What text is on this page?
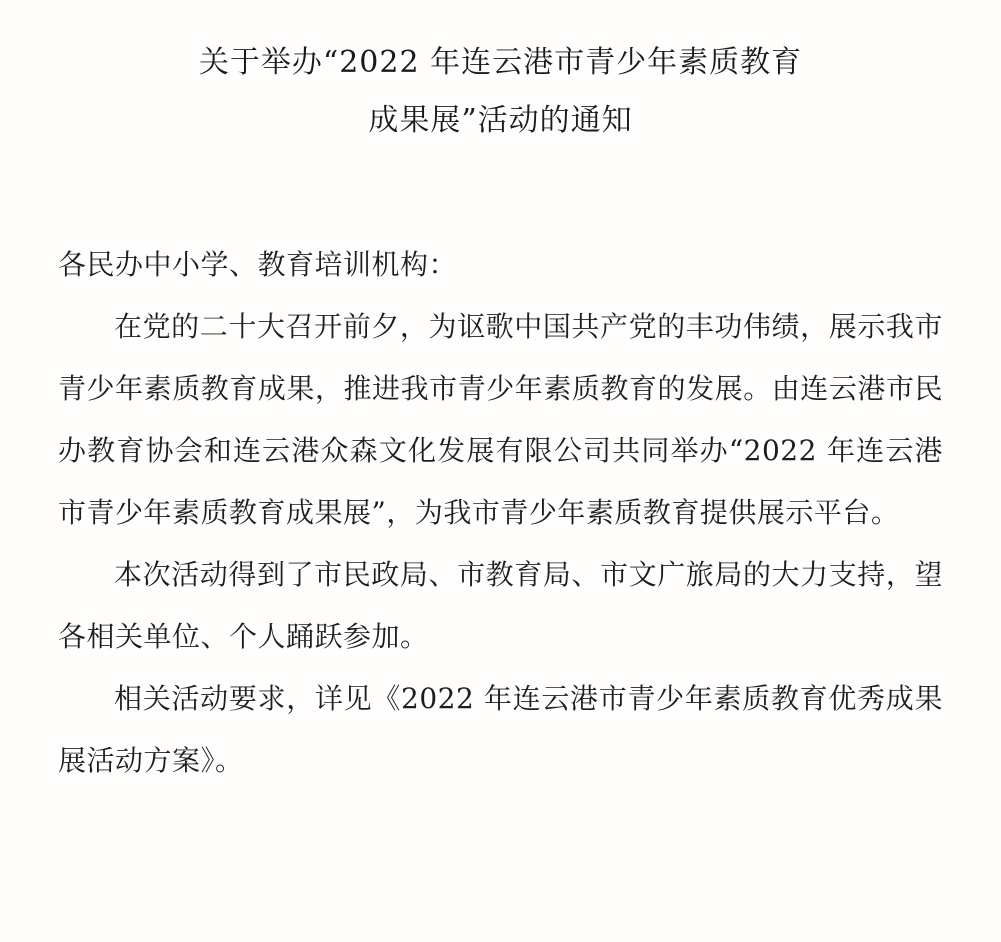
关于举办“2022 年连云港市青少年素质教育
成果展”活动的通知

各民办中小学、教育培训机构：

在党的二十大召开前夕，为讴歌中国共产党的丰功伟绩，展示我市青少年素质教育成果，推进我市青少年素质教育的发展。由连云港市民办教育协会和连云港众森文化发展有限公司共同举办“2022 年连云港市青少年素质教育成果展”，为我市青少年素质教育提供展示平台。

本次活动得到了市民政局、市教育局、市文广旅局的大力支持，望各相关单位、个人踊跃参加。

相关活动要求，详见《2022 年连云港市青少年素质教育优秀成果展活动方案》。
